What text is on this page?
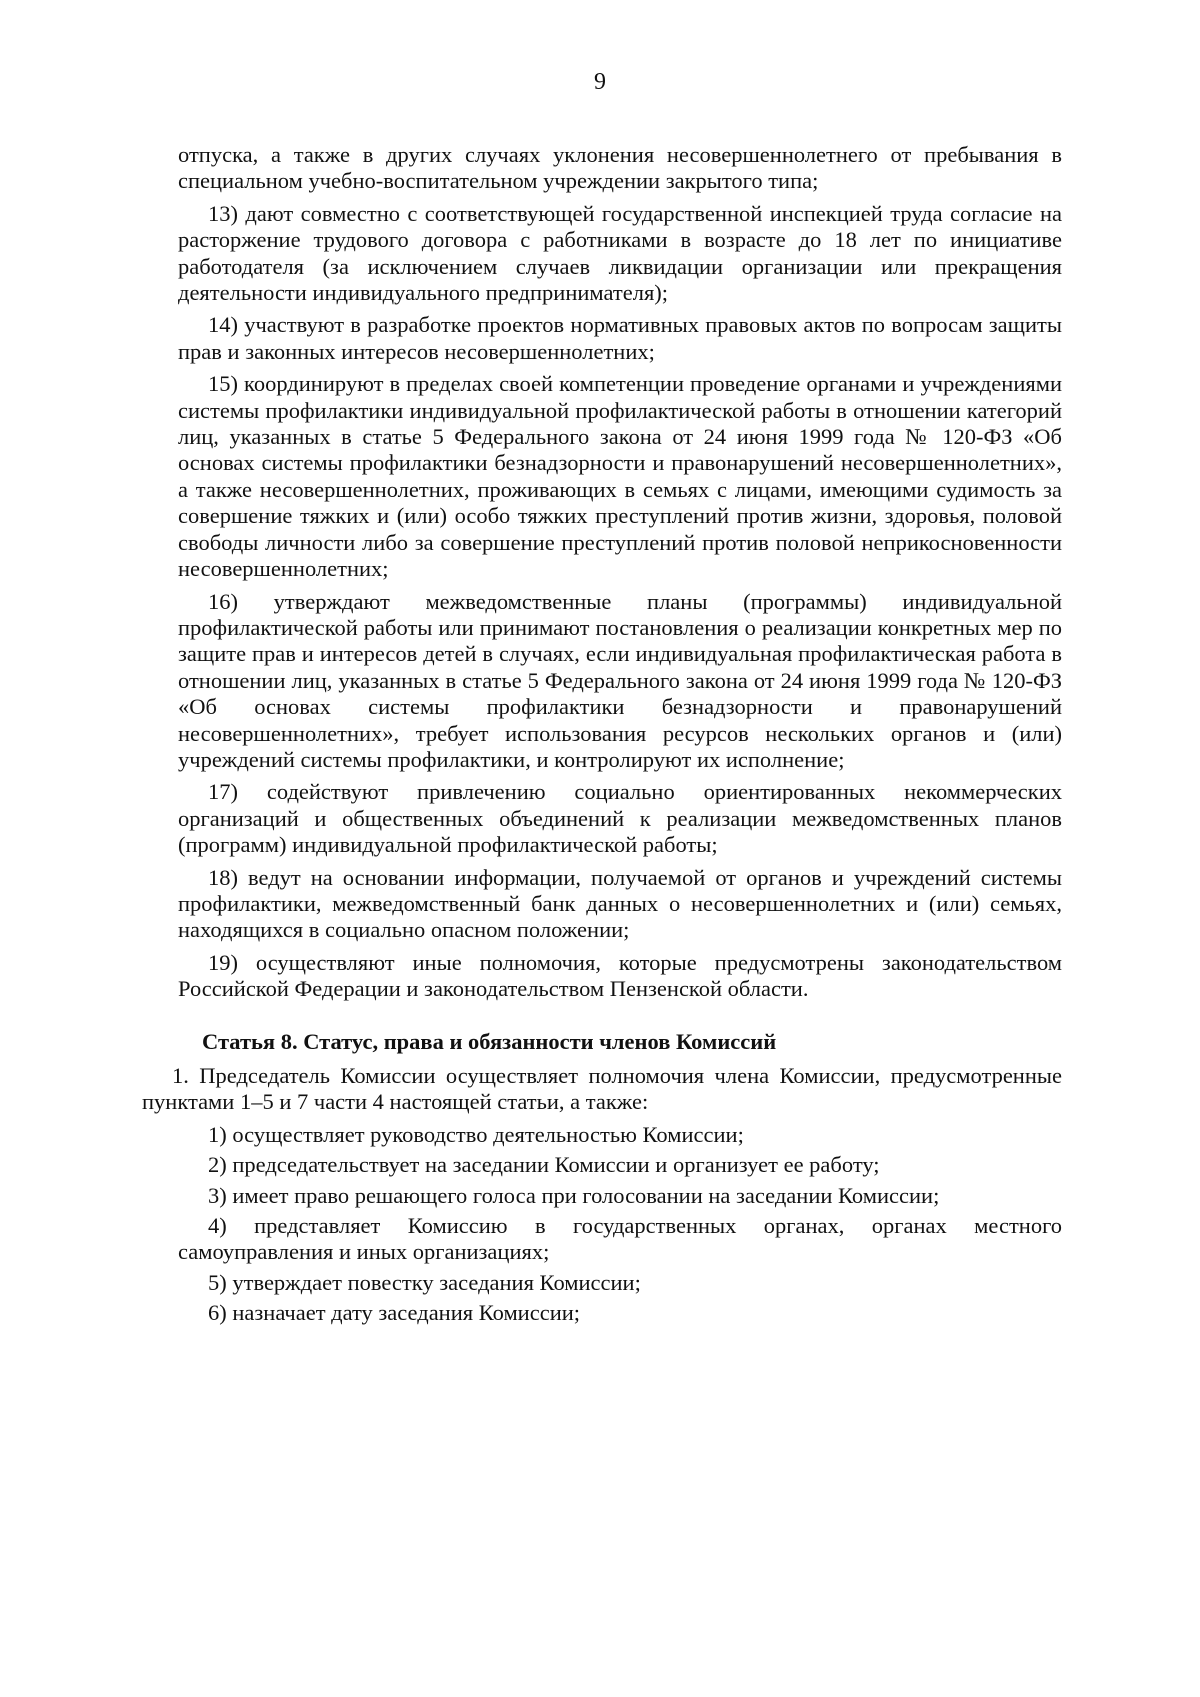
9

отпуска, а также в других случаях уклонения несовершеннолетнего от пребывания в специальном учебно-воспитательном учреждении закрытого типа;

13) дают совместно с соответствующей государственной инспекцией труда согласие на расторжение трудового договора с работниками в возрасте до 18 лет по инициативе работодателя (за исключением случаев ликвидации организации или прекращения деятельности индивидуального предпринимателя);

14) участвуют в разработке проектов нормативных правовых актов по вопросам защиты прав и законных интересов несовершеннолетних;

15) координируют в пределах своей компетенции проведение органами и учреждениями системы профилактики индивидуальной профилактической работы в отношении категорий лиц, указанных в статье 5 Федерального закона от 24 июня 1999 года № 120-ФЗ «Об основах системы профилактики безнадзорности и правонарушений несовершеннолетних», а также несовершеннолетних, проживающих в семьях с лицами, имеющими судимость за совершение тяжких и (или) особо тяжких преступлений против жизни, здоровья, половой свободы личности либо за совершение преступлений против половой неприкосновенности несовершеннолетних;

16) утверждают межведомственные планы (программы) индивидуальной профилактической работы или принимают постановления о реализации конкретных мер по защите прав и интересов детей в случаях, если индивидуальная профилактическая работа в отношении лиц, указанных в статье 5 Федерального закона от 24 июня 1999 года № 120-ФЗ «Об основах системы профилактики безнадзорности и правонарушений несовершеннолетних», требует использования ресурсов нескольких органов и (или) учреждений системы профилактики, и контролируют их исполнение;

17) содействуют привлечению социально ориентированных некоммерческих организаций и общественных объединений к реализации межведомственных планов (программ) индивидуальной профилактической работы;

18) ведут на основании информации, получаемой от органов и учреждений системы профилактики, межведомственный банк данных о несовершеннолетних и (или) семьях, находящихся в социально опасном положении;

19) осуществляют иные полномочия, которые предусмотрены законодательством Российской Федерации и законодательством Пензенской области.

Статья 8. Статус, права и обязанности членов Комиссий

1. Председатель Комиссии осуществляет полномочия члена Комиссии, предусмотренные пунктами 1–5 и 7 части 4 настоящей статьи, а также:

1) осуществляет руководство деятельностью Комиссии;

2) председательствует на заседании Комиссии и организует ее работу;

3) имеет право решающего голоса при голосовании на заседании Комиссии;

4) представляет Комиссию в государственных органах, органах местного самоуправления и иных организациях;

5) утверждает повестку заседания Комиссии;

6) назначает дату заседания Комиссии;
